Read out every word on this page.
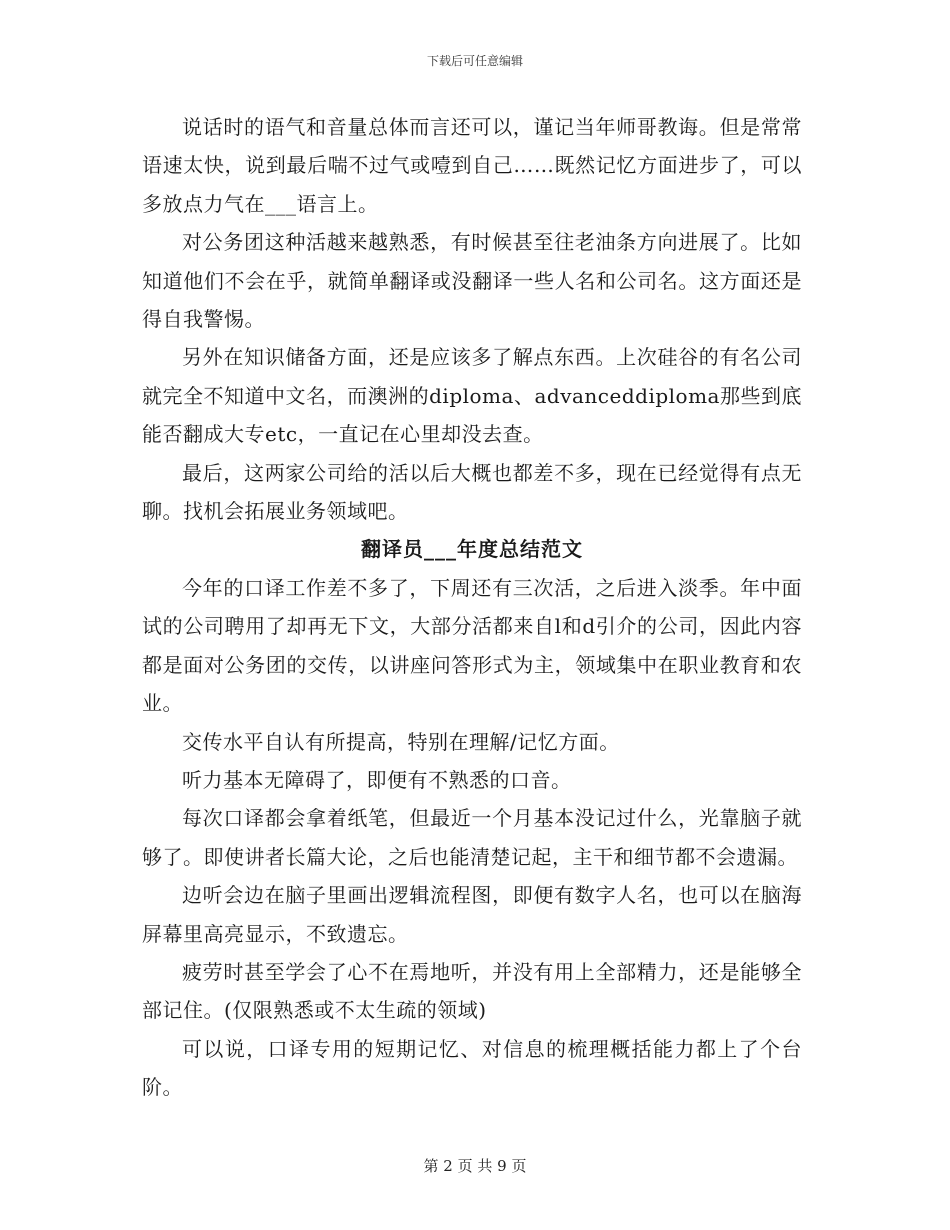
下载后可任意编辑

说话时的语气和音量总体而言还可以，谨记当年师哥教诲。但是常常语速太快，说到最后喘不过气或噎到自己……既然记忆方面进步了，可以多放点力气在___语言上。

对公务团这种活越来越熟悉，有时候甚至往老油条方向进展了。比如知道他们不会在乎，就简单翻译或没翻译一些人名和公司名。这方面还是得自我警惕。

另外在知识储备方面，还是应该多了解点东西。上次硅谷的有名公司就完全不知道中文名，而澳洲的diploma、advanceddiploma那些到底能否翻成大专etc，一直记在心里却没去查。

最后，这两家公司给的活以后大概也都差不多，现在已经觉得有点无聊。找机会拓展业务领域吧。

翻译员___年度总结范文

今年的口译工作差不多了，下周还有三次活，之后进入淡季。年中面试的公司聘用了却再无下文，大部分活都来自l和d引介的公司，因此内容都是面对公务团的交传，以讲座问答形式为主，领域集中在职业教育和农业。

交传水平自认有所提高，特别在理解/记忆方面。

听力基本无障碍了，即便有不熟悉的口音。

每次口译都会拿着纸笔，但最近一个月基本没记过什么，光靠脑子就够了。即使讲者长篇大论，之后也能清楚记起，主干和细节都不会遗漏。

边听会边在脑子里画出逻辑流程图，即便有数字人名，也可以在脑海屏幕里高亮显示，不致遗忘。

疲劳时甚至学会了心不在焉地听，并没有用上全部精力，还是能够全部记住。(仅限熟悉或不太生疏的领域)

可以说，口译专用的短期记忆、对信息的梳理概括能力都上了个台阶。

第 2 页 共 9 页
